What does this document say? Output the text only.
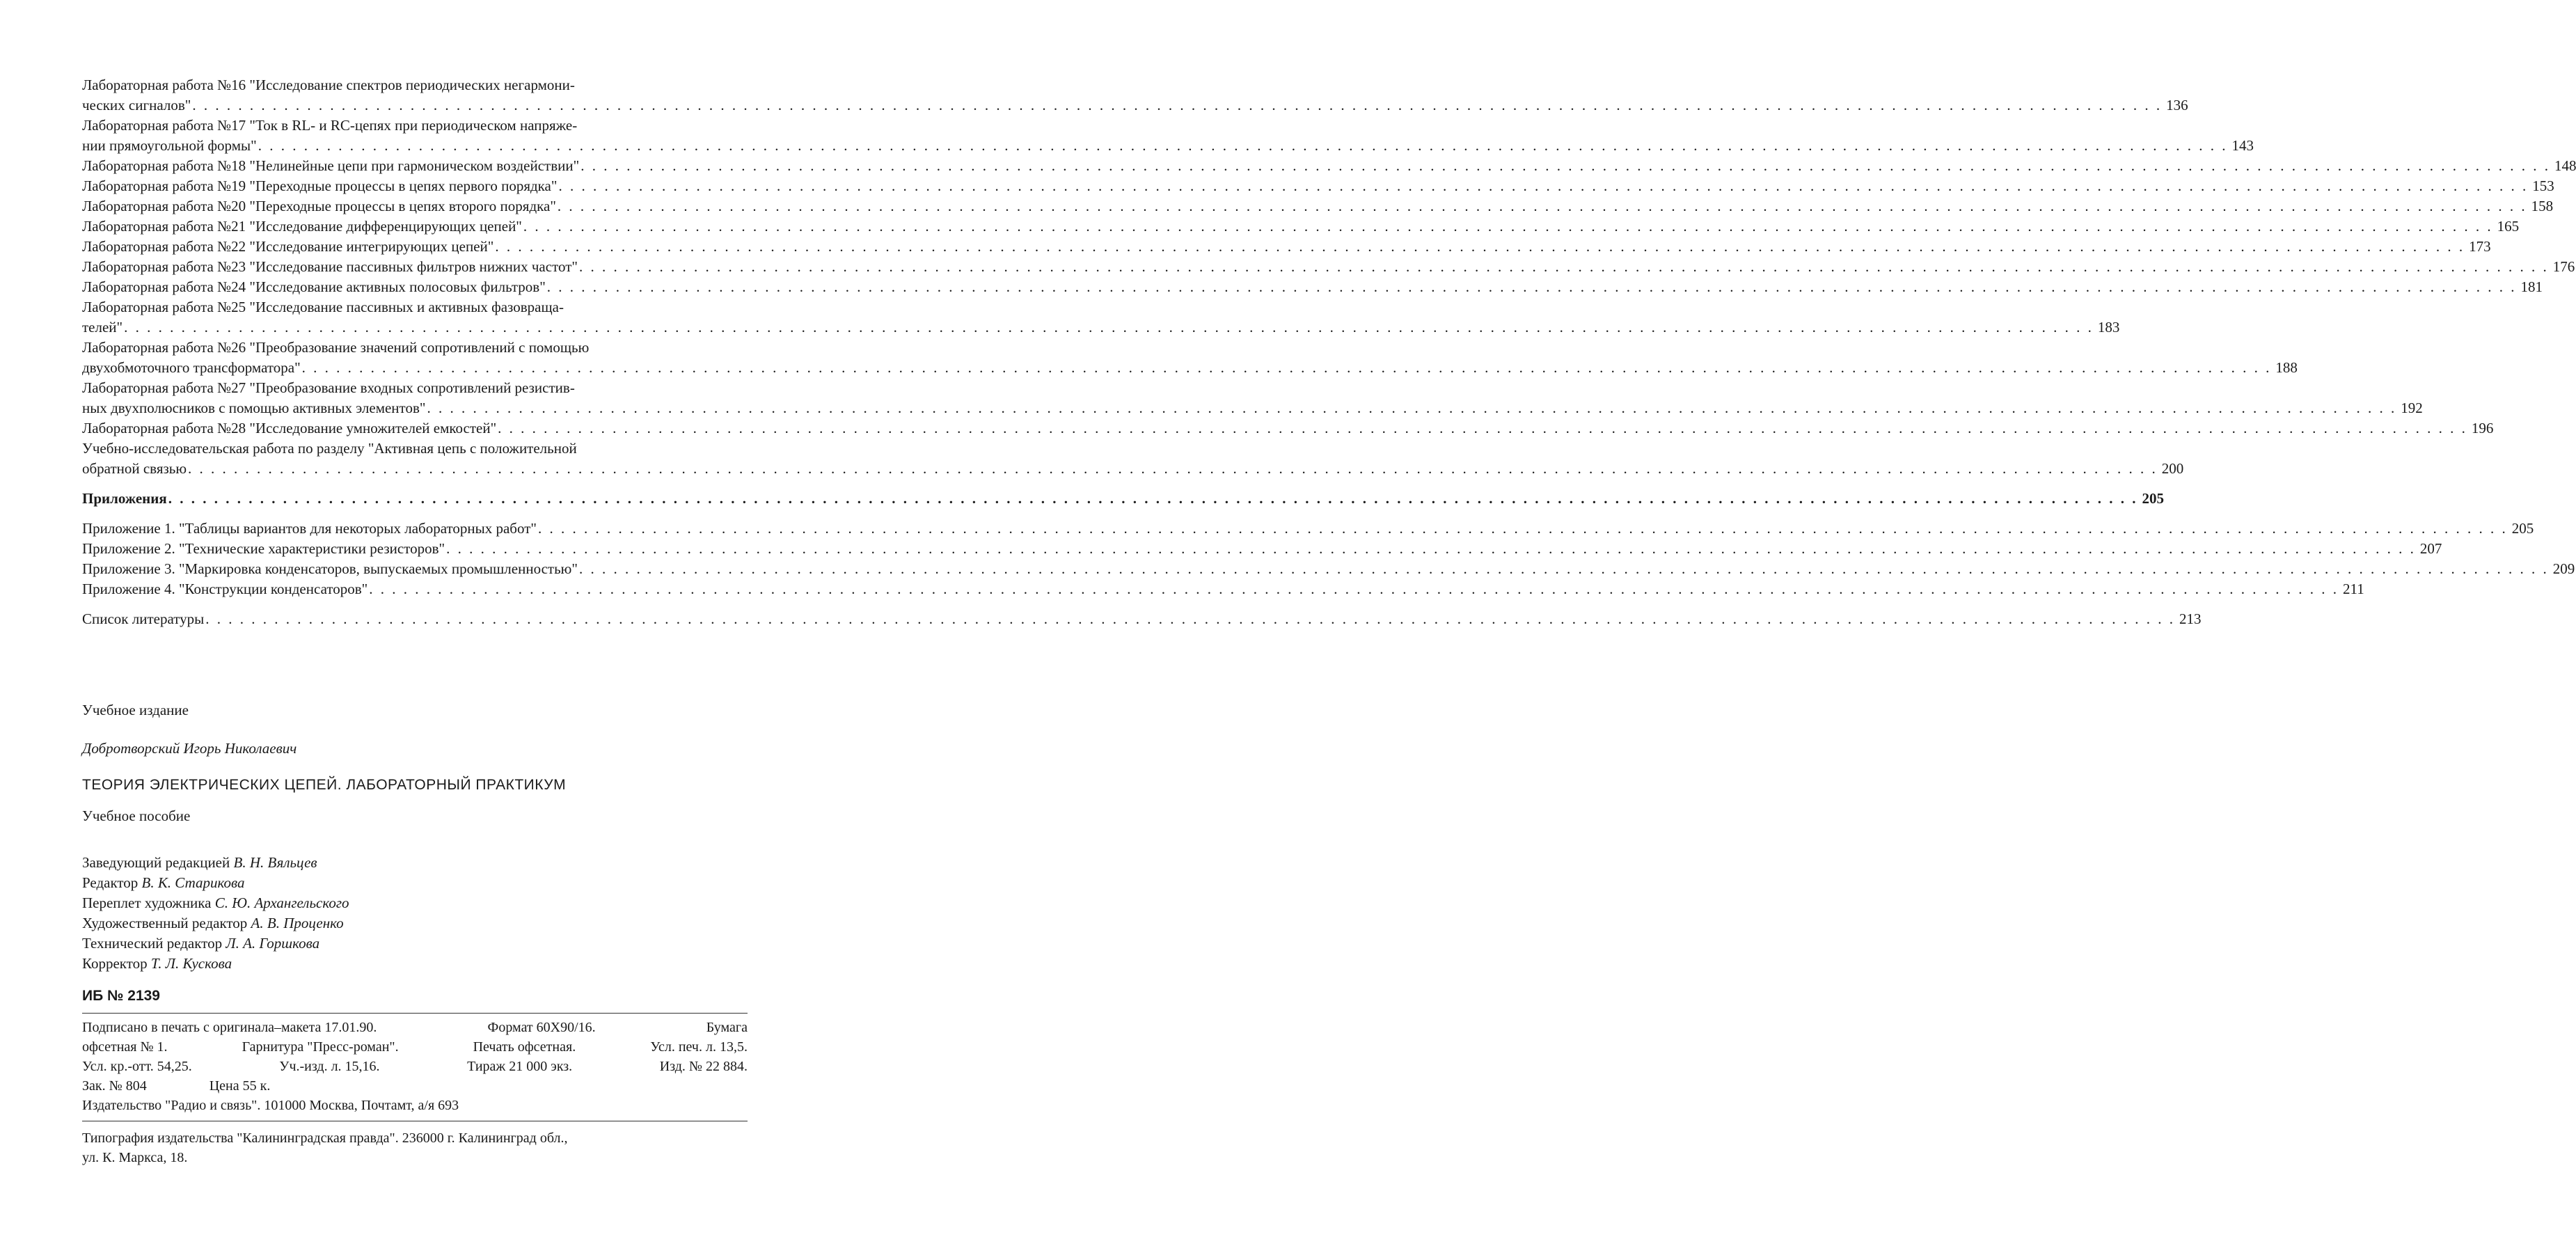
Лабораторная работа №16 "Исследование спектров периодических негармони-
ческих сигналов" . . .	136
Лабораторная работа №17 "Ток в RL- и RC-цепях при периодическом напряже-
нии прямоугольной формы" . . .	143
Лабораторная работа №18 "Нелинейные цепи при гармоническом воздействии" . . .	148
Лабораторная работа №19 "Переходные процессы в цепях первого порядка" . . .	153
Лабораторная работа №20 "Переходные процессы в цепях второго порядка" . . .	158
Лабораторная работа №21 "Исследование дифференцирующих цепей" . . .	165
Лабораторная работа №22 "Исследование интегрирующих цепей" . . .	173
Лабораторная работа №23 "Исследование пассивных фильтров нижних частот" . . .	176
Лабораторная работа №24 "Исследование активных полосовых фильтров" . . .	181
Лабораторная работа №25 "Исследование пассивных и активных фазовраща-
телей" . . .	183
Лабораторная работа №26 "Преобразование значений сопротивлений с помощью
двухобмоточного трансформатора" . . .	188
Лабораторная работа №27 "Преобразование входных сопротивлений резистив-
ных двухполюсников с помощью активных элементов" . . .	192
Лабораторная работа №28 "Исследование умножителей емкостей" . . .	196
Учебно-исследовательская работа по разделу "Активная цепь с положительной
обратной связью . . .	200
Приложения . . .	205
Приложение 1. "Таблицы вариантов для некоторых лабораторных работ" . . .	205
Приложение 2. "Технические характеристики резисторов" . . .	207
Приложение 3. "Маркировка конденсаторов, выпускаемых промышленностью" . . .	209
Приложение 4. "Конструкции конденсаторов" . . .	211
Список литературы . . .	213
Учебное издание
Добротворский Игорь Николаевич
ТЕОРИЯ ЭЛЕКТРИЧЕСКИХ ЦЕПЕЙ. ЛАБОРАТОРНЫЙ ПРАКТИКУМ
Учебное пособие
Заведующий редакцией В. Н. Вяльцев
Редактор В. К. Старикова
Переплет художника С. Ю. Архангельского
Художественный редактор А. В. Проценко
Технический редактор Л. А. Горшкова
Корректор Т. Л. Кускова
ИБ № 2139
Подписано в печать с оригинала–макета 17.01.90.	Формат 60Х90/16.	Бумага
офсетная № 1.	Гарнитура "Пресс-роман".	Печать офсетная.	Усл. печ. л. 13,5.
Усл. кр.-отт. 54,25.	Уч.-изд. л. 15,16.	Тираж 21 000 экз.	Изд. № 22 884.
Зак. № 804	Цена 55 к.
Издательство "Радио и связь". 101000 Москва, Почтамт, а/я 693
Типография издательства "Калининградская правда". 236000 г. Калининград обл.,
ул. К. Маркса, 18.
